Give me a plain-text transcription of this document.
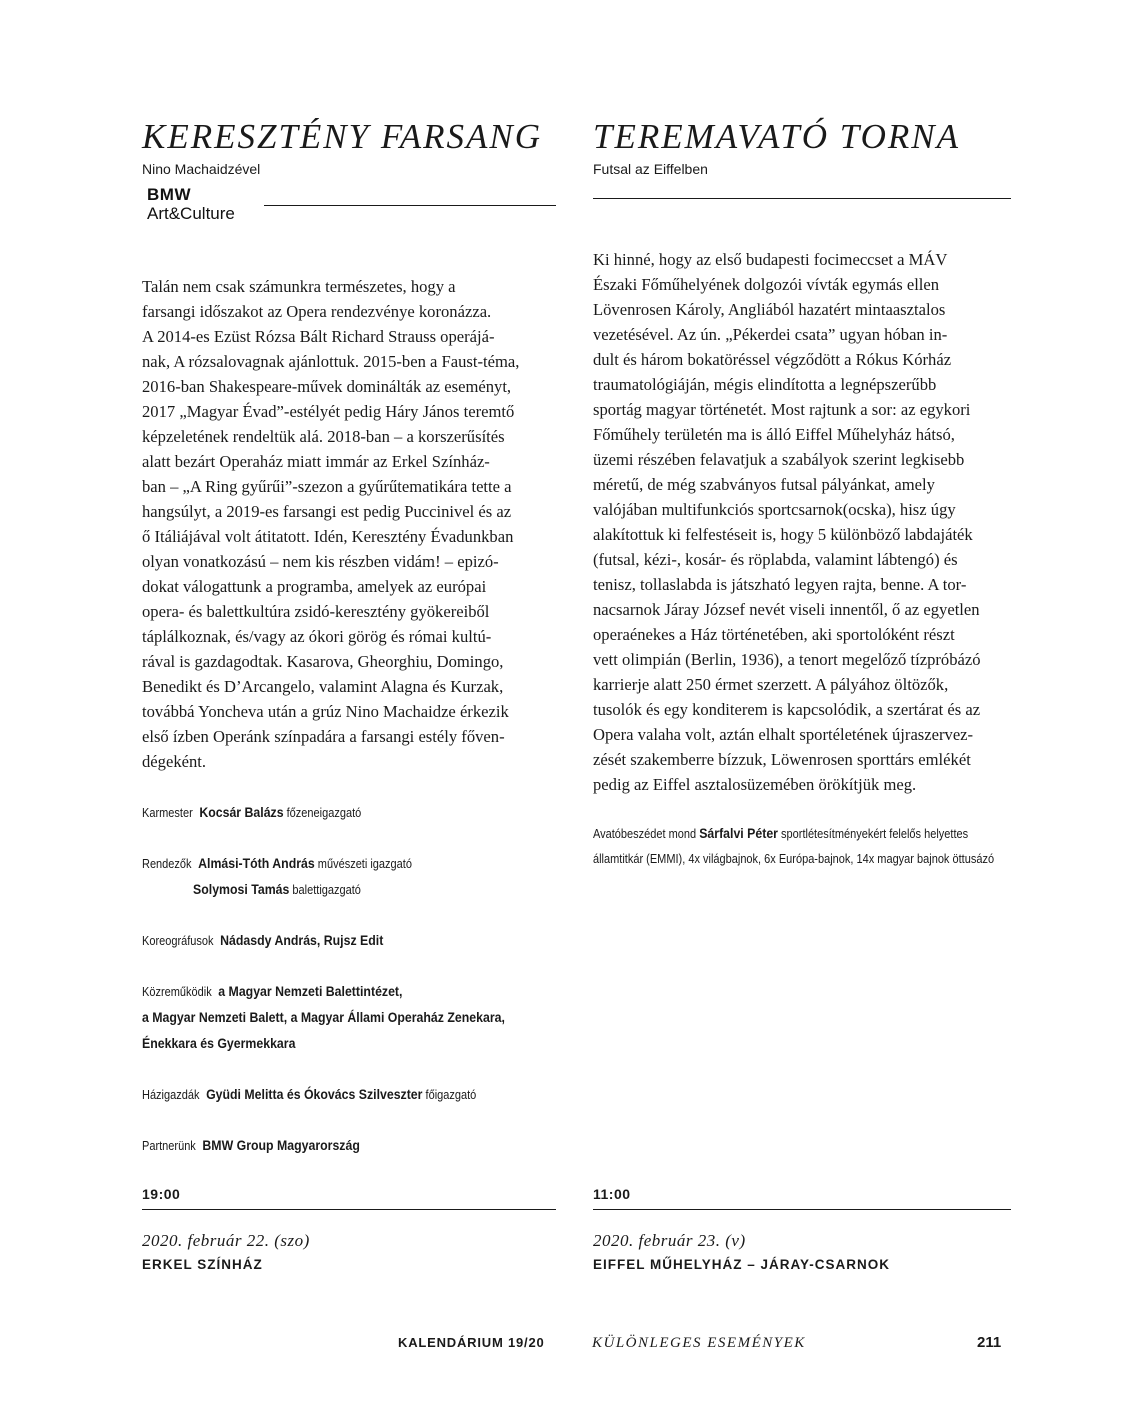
KERESZTÉNY FARSANG
Nino Machaidzével
BMW
Art&Culture
Talán nem csak számunkra természetes, hogy a
farsangi időszakot az Opera rendezvénye koronázza.
A 2014-es Ezüst Rózsa Bált Richard Strauss operájá-
nak, A rózsalovagnak ajánlottuk. 2015-ben a Faust-téma,
2016-ban Shakespeare-művek dominálták az eseményt,
2017 „Magyar Évad”-estélyét pedig Háry János teremtő
képzeletének rendeltük alá. 2018-ban – a korszerűsítés
alatt bezárt Operaház miatt immár az Erkel Színház-
ban – „A Ring gyűrűi”-szezon a gyűrűtematikára tette a
hangsúlyt, a 2019-es farsangi est pedig Puccinivel és az
ő Itáliájával volt átitatott. Idén, Keresztény Évadunkban
olyan vonatkozású – nem kis részben vidám! – epizó-
dokat válogattunk a programba, amelyek az európai
opera- és balettkultúra zsidó-keresztény gyökereiből
táplálkoznak, és/vagy az ókori görög és római kultú-
rával is gazdagodtak. Kasarova, Gheorghiu, Domingo,
Benedikt és D’Arcangelo, valamint Alagna és Kurzak,
továbbá Yoncheva után a grúz Nino Machaidze érkezik
első ízben Operánk színpadára a farsangi estély főven-
dégeként.
Karmester Kocsár Balázs főzeneigazgató
Rendezők Almási-Tóth András művészeti igazgató
Solymosi Tamás balettigazgató
Koreográfusok Nádasdy András, Rujsz Edit
Közreműködik a Magyar Nemzeti Balettintézet,
a Magyar Nemzeti Balett, a Magyar Állami Operaház Zenekara,
Énekkara és Gyermekkara
Házigazdák Gyüdi Melitta és Ókovács Szilveszter főigazgató
Partnerünk BMW Group Magyarország
TEREMAVATÓ TORNA
Futsal az Eiffelben
Ki hinné, hogy az első budapesti focimeccset a MÁV
Északi Főműhelyének dolgozói vívták egymás ellen
Lövenrosen Károly, Angliából hazatért mintaasztalos
vezetésével. Az ún. „Pékerdei csata” ugyan hóban in-
dult és három bokatöréssel végződött a Rókus Kórház
traumatológiáján, mégis elindította a legnépszerűbb
sportág magyar történetét. Most rajtunk a sor: az egykori
Főműhely területén ma is álló Eiffel Műhelyház hátsó,
üzemi részében felavatjuk a szabályok szerint legkisebb
méretű, de még szabványos futsal pályánkat, amely
valójában multifunkciós sportcsarnok(ocska), hisz úgy
alakítottuk ki felfestéseit is, hogy 5 különböző labdajáték
(futsal, kézi-, kosár- és röplabda, valamint lábtengó) és
tenisz, tollaslabda is játszható legyen rajta, benne. A tor-
nacsarnok Járay József nevét viseli innentől, ő az egyetlen
operaénekes a Ház történetében, aki sportolóként részt
vett olimpián (Berlin, 1936), a tenort megelőző tízpróbázó
karrierje alatt 250 érmet szerzett. A pályához öltözők,
tusolók és egy konditerem is kapcsolódik, a szertárat és az
Opera valaha volt, aztán elhalt sportéletének újraszervez-
zését szakemberre bízzuk, Löwenrosen sporttárs emlékét
pedig az Eiffel asztalosüzemében örökítjük meg.
Avatóbeszédet mond Sárfalvi Péter sportlétesítményekért felelős helyettes
államtitkár (EMMI), 4x világbajnok, 6x Európa-bajnok, 14x magyar bajnok öttusázó
19:00
2020. február 22. (szo)
ERKEL SZÍNHÁZ
11:00
2020. február 23. (v)
EIFFEL MŰHELYHÁZ – JÁRAY-CSARNOK
KALENDÁRIUM 19/20	KÜLÖNLEGES ESEMÉNYEK	211
